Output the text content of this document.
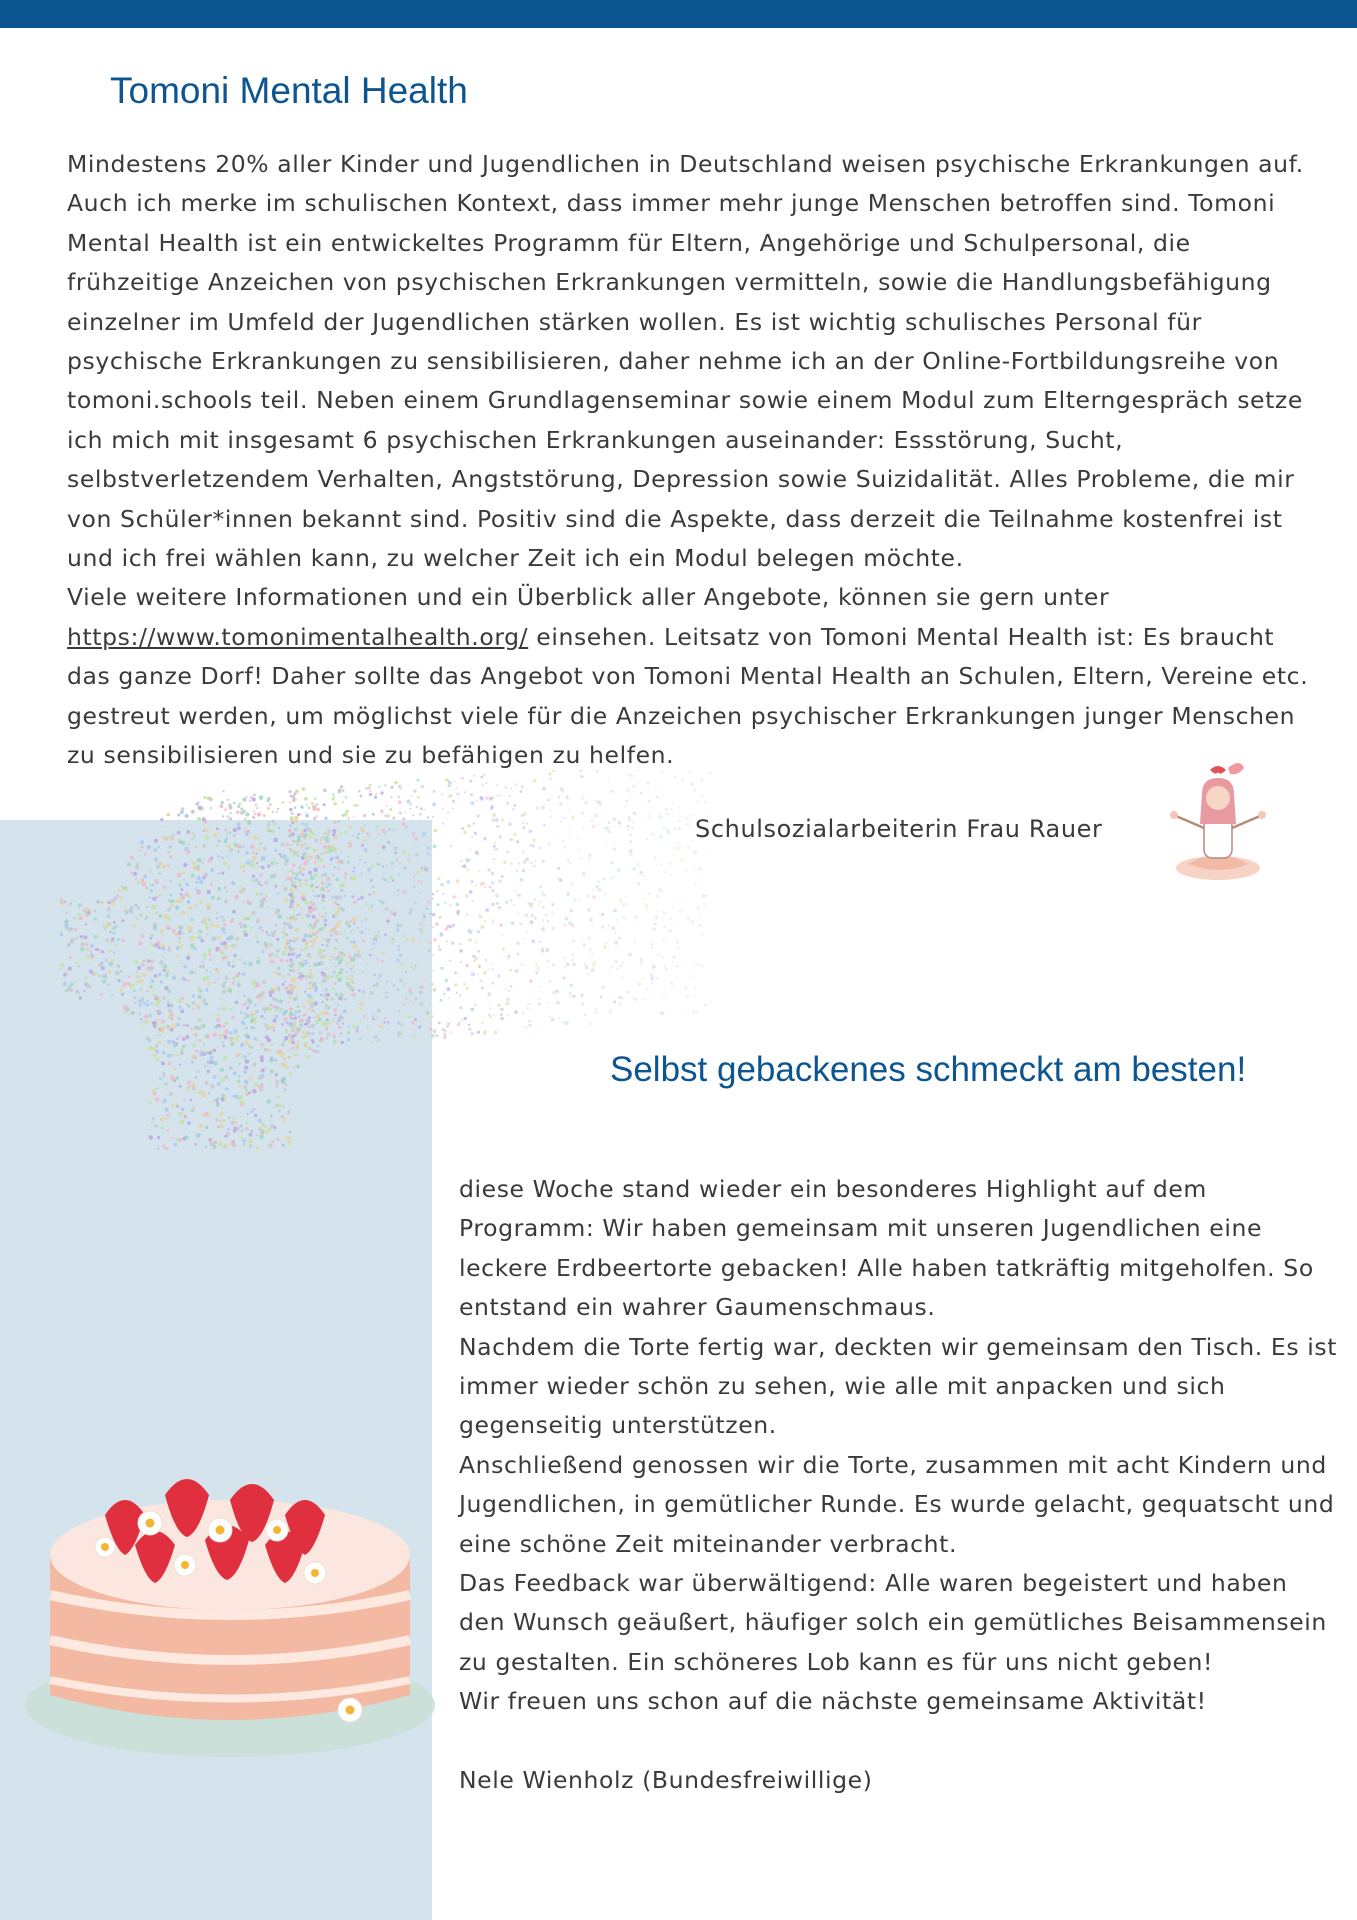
Tomoni Mental Health

Mindestens 20% aller Kinder und Jugendlichen in Deutschland weisen psychische Erkrankungen auf. Auch ich merke im schulischen Kontext, dass immer mehr junge Menschen betroffen sind. Tomoni Mental Health ist ein entwickeltes Programm für Eltern, Angehörige und Schulpersonal, die frühzeitige Anzeichen von psychischen Erkrankungen vermitteln, sowie die Handlungsbefähigung einzelner im Umfeld der Jugendlichen stärken wollen. Es ist wichtig schulisches Personal für psychische Erkrankungen zu sensibilisieren, daher nehme ich an der Online-Fortbildungsreihe von tomoni.schools teil. Neben einem Grundlagenseminar sowie einem Modul zum Elterngespräch setze ich mich mit insgesamt 6 psychischen Erkrankungen auseinander: Essstörung, Sucht, selbstverletzendem Verhalten, Angststörung, Depression sowie Suizidalität. Alles Probleme, die mir von Schüler*innen bekannt sind. Positiv sind die Aspekte, dass derzeit die Teilnahme kostenfrei ist und ich frei wählen kann, zu welcher Zeit ich ein Modul belegen möchte.

Viele weitere Informationen und ein Überblick aller Angebote, können sie gern unter https://www.tomonimentalhealth.org/ einsehen. Leitsatz von Tomoni Mental Health ist: Es braucht das ganze Dorf! Daher sollte das Angebot von Tomoni Mental Health an Schulen, Eltern, Vereine etc. gestreut werden, um möglichst viele für die Anzeichen psychischer Erkrankungen junger Menschen zu sensibilisieren und sie zu befähigen zu helfen.

Schulsozialarbeiterin Frau Rauer
Selbst gebackenes schmeckt am besten!

diese Woche stand wieder ein besonderes Highlight auf dem Programm: Wir haben gemeinsam mit unseren Jugendlichen eine leckere Erdbeertorte gebacken! Alle haben tatkräftig mitgeholfen. So entstand ein wahrer Gaumenschmaus.

Nachdem die Torte fertig war, deckten wir gemeinsam den Tisch. Es ist immer wieder schön zu sehen, wie alle mit anpacken und sich gegenseitig unterstützen.

Anschließend genossen wir die Torte, zusammen mit acht Kindern und Jugendlichen, in gemütlicher Runde. Es wurde gelacht, gequatscht und eine schöne Zeit miteinander verbracht.

Das Feedback war überwältigend: Alle waren begeistert und haben den Wunsch geäußert, häufiger solch ein gemütliches Beisammensein zu gestalten. Ein schöneres Lob kann es für uns nicht geben!

Wir freuen uns schon auf die nächste gemeinsame Aktivität!

Nele Wienholz (Bundesfreiwillige)
